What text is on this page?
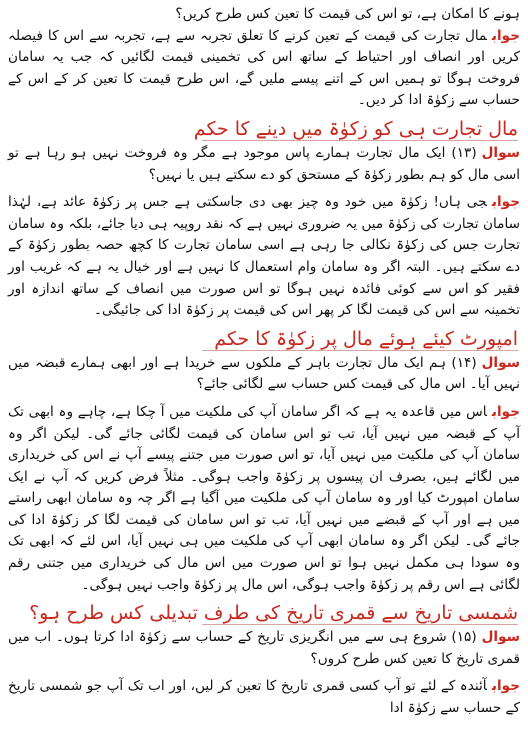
ہونے کا امکان ہے، تو اس کی قیمت کا تعین کس طرح کریں؟

جوابمال تجارت کی قیمت کے تعین کرنے کا تعلق تجربہ سے ہے، تجربہ سے اس کا فیصلہ کریں اور انصاف اور احتیاط کے ساتھ اس کی تخمینی قیمت لگائیں کہ جب یہ سامان فروخت ہوگا تو ہمیں اس کے اتنے پیسے ملیں گے، اس طرح قیمت کا تعین کر کے اس کے حساب سے زکوٰۃ ادا کر دیں۔

مال تجارت ہی کو زکوٰۃ میں دینے کا حکم

سوال(۱۳) ایک مال تجارت ہمارے پاس موجود ہے مگر وہ فروخت نہیں ہو رہا ہے تو اسی مال کو ہم بطور زکوٰۃ کے مستحق کو دے سکتے ہیں یا نہیں؟

جوابجی ہاں! زکوٰۃ میں خود وہ چیز بھی دی جاسکتی ہے جس پر زکوٰۃ عائد ہے، لہٰذا سامان تجارت کی زکوٰۃ میں یہ ضروری نہیں ہے کہ نقد روپیہ ہی دیا جائے، بلکہ وہ سامان تجارت جس کی زکوٰۃ نکالی جا رہی ہے اسی سامان تجارت کا کچھ حصہ بطور زکوٰۃ کے دے سکتے ہیں۔ البتہ اگر وہ سامان وام استعمال کا نہیں ہے اور خیال یہ ہے کہ غریب اور فقیر کو اس سے کوئی فائدہ نہیں ہوگا تو اس صورت میں انصاف کے ساتھ اندازہ اور تخمینہ سے اس کی قیمت لگا کر پھر اس کی قیمت پر زکوٰۃ ادا کی جائیگی۔

امپورٹ کیئے ہوئے مال پر زکوٰۃ کا حکم

سوال(۱۴) ہم ایک مال تجارت باہر کے ملکوں سے خریدا ہے اور ابھی ہمارے قبضہ میں نہیں آیا۔ اس مال کی قیمت کس حساب سے لگائی جائے؟

جواباس میں قاعدہ یہ ہے کہ اگر سامان آپ کی ملکیت میں آ چکا ہے، چاہے وہ ابھی تک آپ کے قبضہ میں نہیں آیا، تب تو اس سامان کی قیمت لگائی جائے گی۔ لیکن اگر وہ سامان آپ کی ملکیت میں نہیں آیا، تو اس صورت میں جتنے پیسے آپ نے اس کی خریداری میں لگائے ہیں، بصرف ان پیسوں پر زکوٰۃ واجب ہوگی۔ مثلاً فرض کریں کہ آپ نے ایک سامان امپورٹ کیا اور وہ سامان آپ کی ملکیت میں آگیا ہے اگر چہ وہ سامان ابھی راستے میں ہے اور آپ کے قبضے میں نہیں آیا، تب تو اس سامان کی قیمت لگا کر زکوٰۃ ادا کی جائے گی۔ لیکن اگر وہ سامان ابھی آپ کی ملکیت میں ہی نہیں آیا، اس لئے کہ ابھی تک وہ سودا ہی مکمل نہیں ہوا تو اس صورت میں اس مال کی خریداری میں جتنی رقم لگائی ہے اس رقم پر زکوٰۃ واجب ہوگی، اس مال پر زکوٰۃ واجب نہیں ہوگی۔

شمسی تاریخ سے قمری تاریخ کی طرف تبدیلی کس طرح ہو؟

سوال(۱۵) شروع ہی سے میں انگریزی تاریخ کے حساب سے زکوٰۃ ادا کرتا ہوں۔ اب میں قمری تاریخ کا تعین کس طرح کروں؟

جوابآئندہ کے لئے تو آپ کسی قمری تاریخ کا تعین کر لیں، اور اب تک آپ جو شمسی تاریخ کے حساب سے زکوٰۃ ادا
